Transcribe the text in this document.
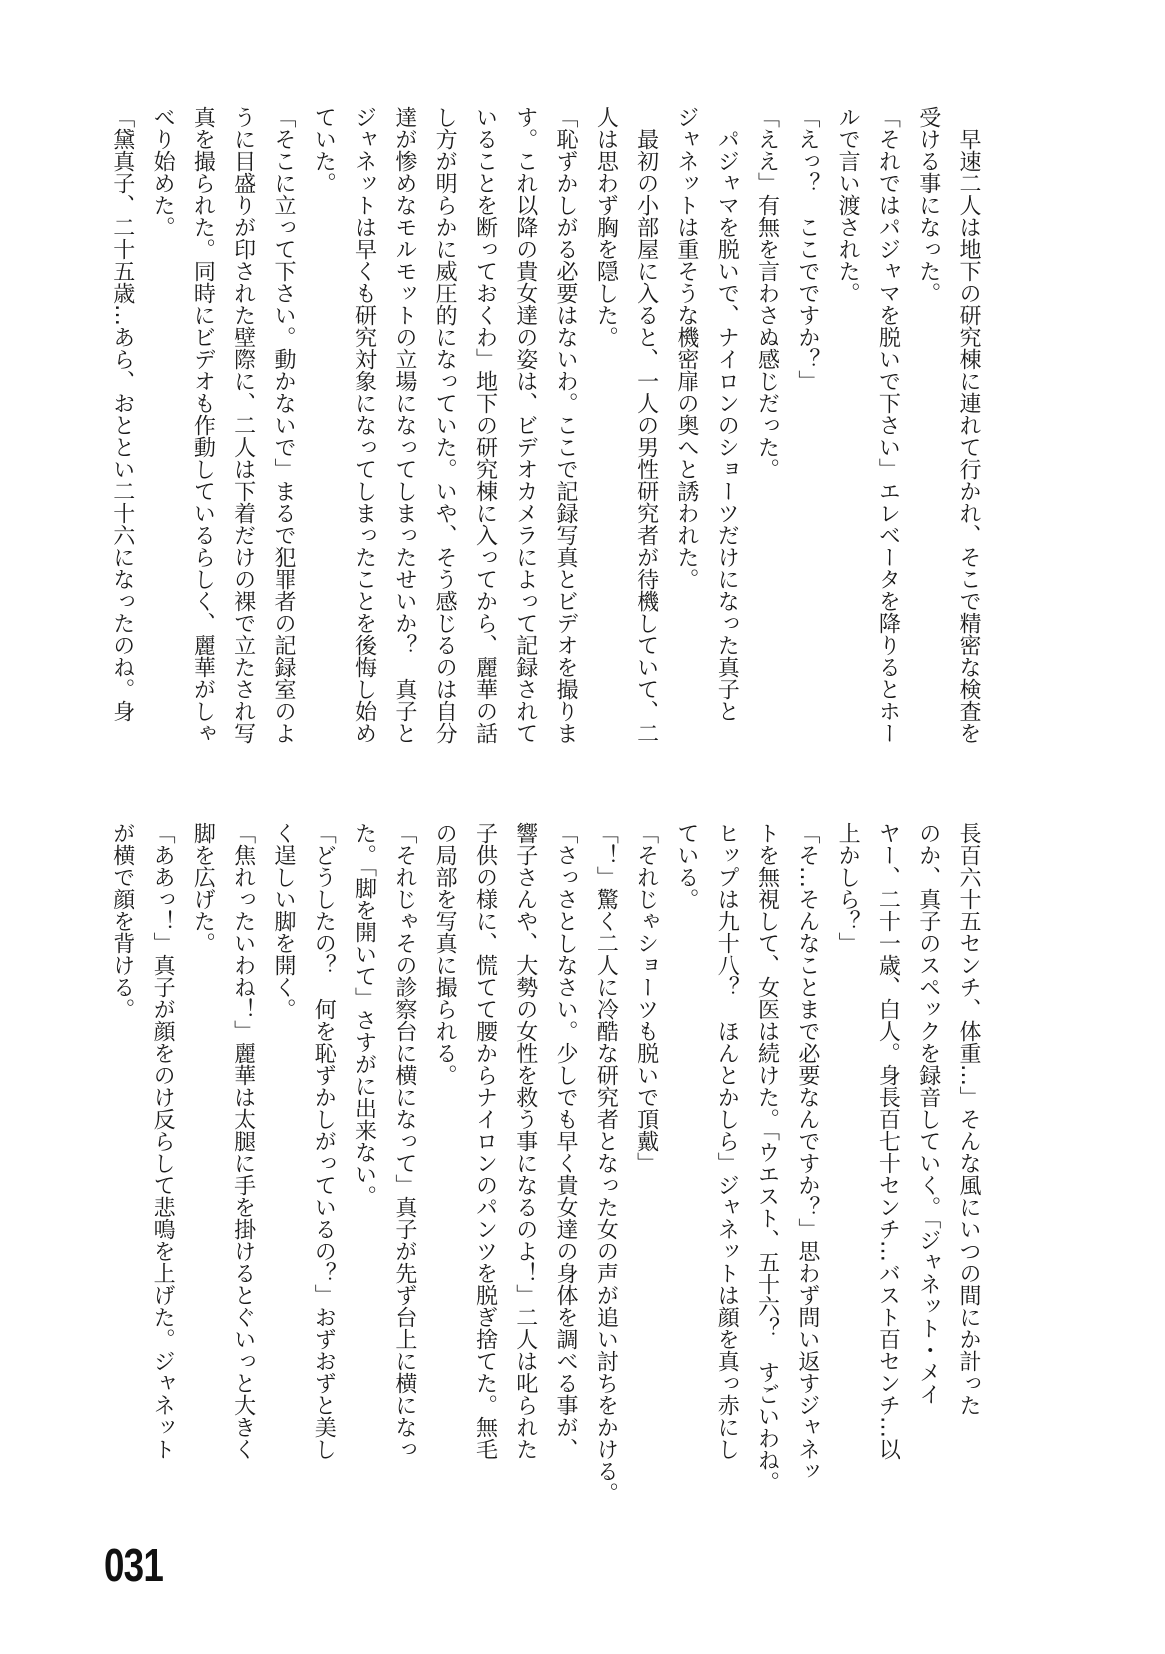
　早速二人は地下の研究棟に連れて行かれ、そこで精密な検査を
受ける事になった。
「それではパジャマを脱いで下さい」エレベータを降りるとホー
ルで言い渡された。
「えっ？　ここでですか？」
「ええ」有無を言わさぬ感じだった。
　パジャマを脱いで、ナイロンのショーツだけになった真子と
ジャネットは重そうな機密扉の奥へと誘われた。
　最初の小部屋に入ると、一人の男性研究者が待機していて、二
人は思わず胸を隠した。
「恥ずかしがる必要はないわ。ここで記録写真とビデオを撮りま
す。これ以降の貴女達の姿は、ビデオカメラによって記録されて
いることを断っておくわ」地下の研究棟に入ってから、麗華の話
し方が明らかに威圧的になっていた。いや、そう感じるのは自分
達が惨めなモルモットの立場になってしまったせいか？　真子と
ジャネットは早くも研究対象になってしまったことを後悔し始め
ていた。
「そこに立って下さい。動かないで」まるで犯罪者の記録室のよ
うに目盛りが印された壁際に、二人は下着だけの裸で立たされ写
真を撮られた。同時にビデオも作動しているらしく、麗華がしゃ
べり始めた。
「黛真子、二十五歳…あら、おととい二十六になったのね。身
長百六十五センチ、体重…」そんな風にいつの間にか計った
のか、真子のスペックを録音していく。「ジャネット・メイ
ヤー、二十一歳、白人。身長百七十センチ…バスト百センチ…以
上かしら？」
「そ…そんなことまで必要なんですか？」思わず問い返すジャネッ
トを無視して、女医は続けた。「ウエスト、五十六？　すごいわね。
ヒップは九十八？　ほんとかしら」ジャネットは顔を真っ赤にし
ている。
「それじゃショーツも脱いで頂戴」
「！」驚く二人に冷酷な研究者となった女の声が追い討ちをかける。
「さっさとしなさい。少しでも早く貴女達の身体を調べる事が、
響子さんや、大勢の女性を救う事になるのよ！」二人は叱られた
子供の様に、慌てて腰からナイロンのパンツを脱ぎ捨てた。無毛
の局部を写真に撮られる。
「それじゃその診察台に横になって」真子が先ず台上に横になっ
た。「脚を開いて」さすがに出来ない。
「どうしたの？　何を恥ずかしがっているの？」おずおずと美し
く逞しい脚を開く。
「焦れったいわね！」麗華は太腿に手を掛けるとぐいっと大きく
脚を広げた。
「ああっ！」真子が顔をのけ反らして悲鳴を上げた。ジャネット
が横で顔を背ける。
031
